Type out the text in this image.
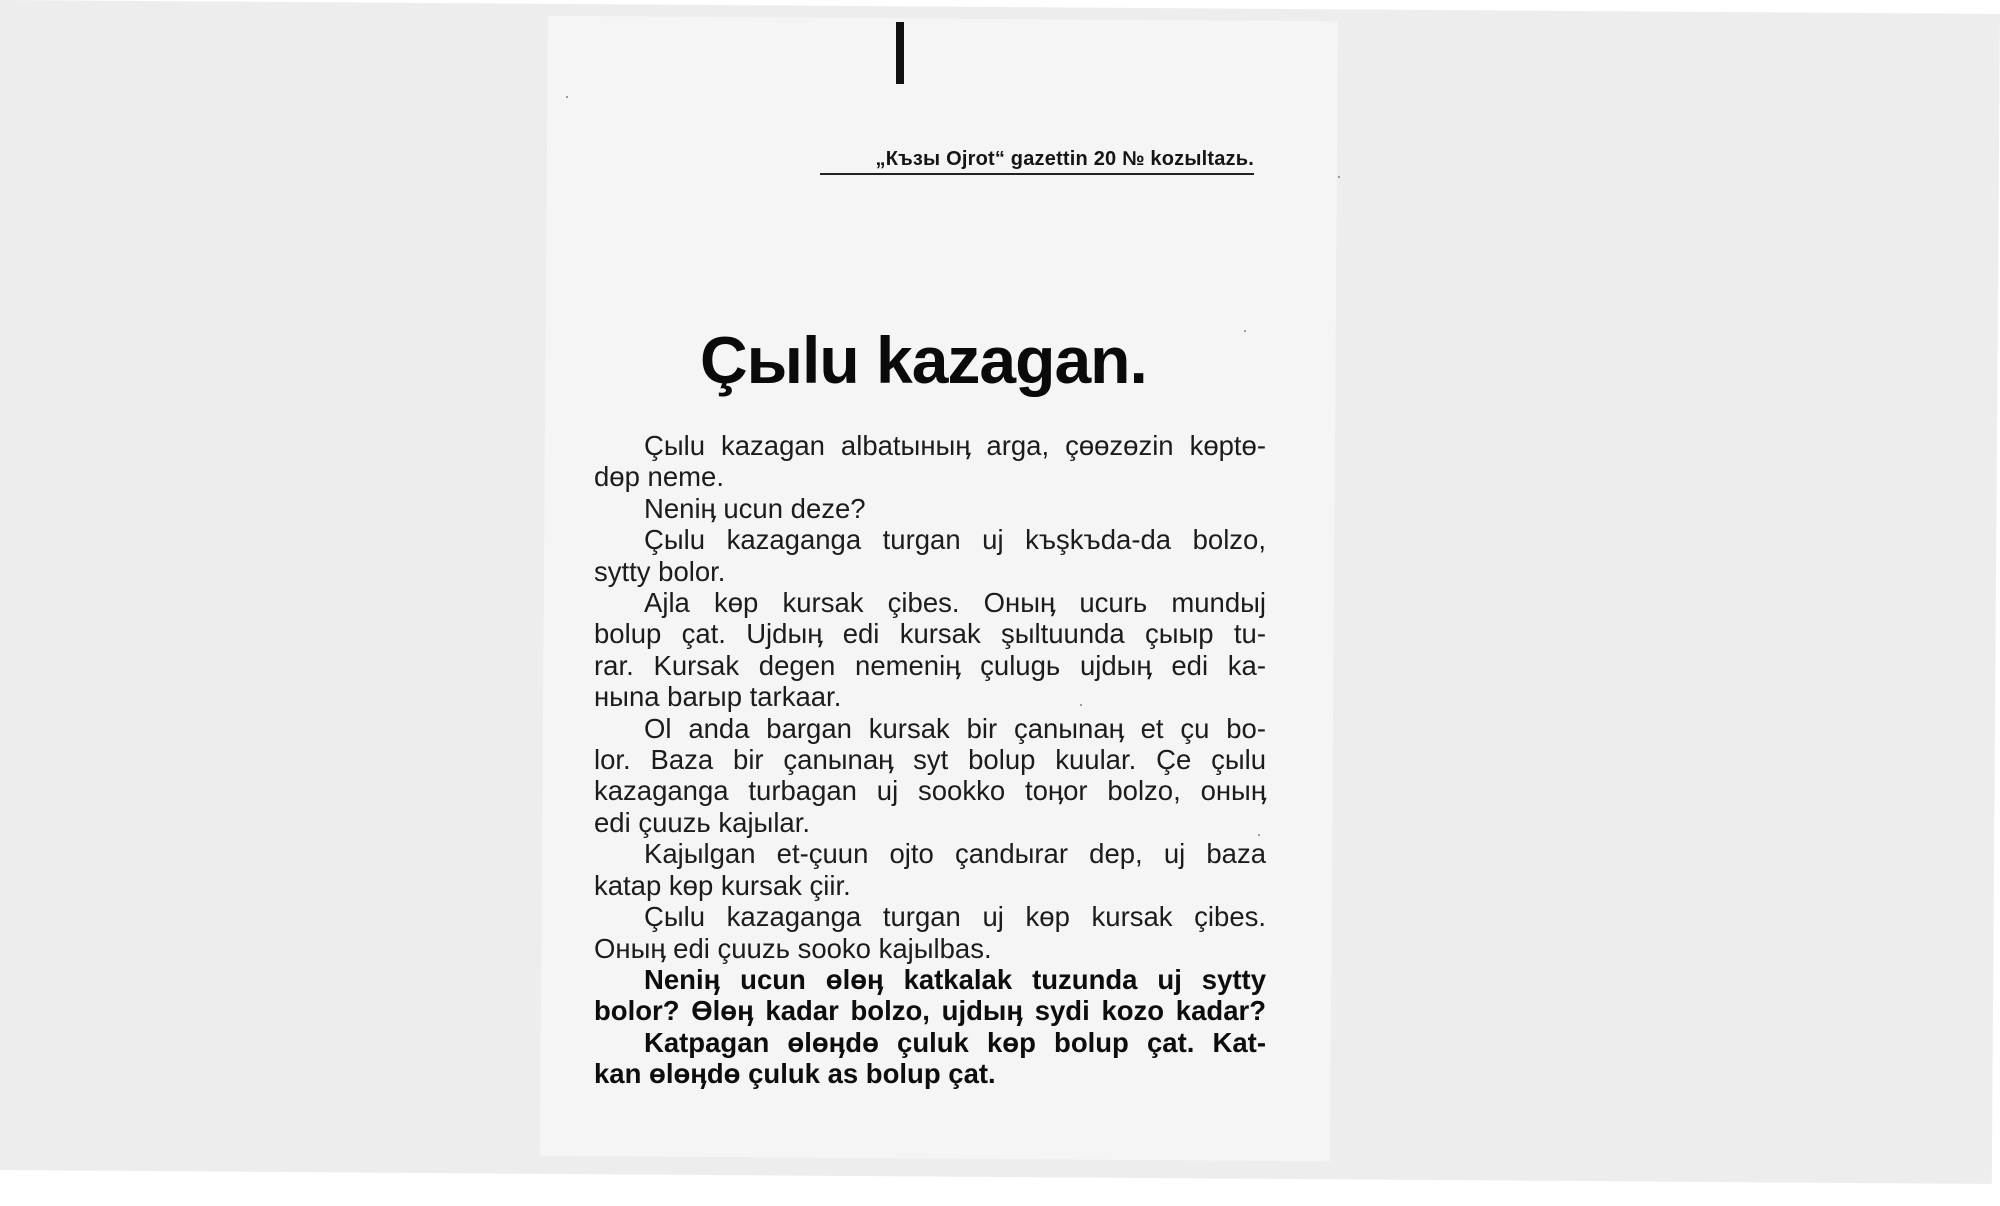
„Къзы Ojrot“ gazettin 20 № kozыltazь.
Çыlu kazagan.
Çыlu kazagan albatыныӊ arga, çөөzөzin kөptө-
dөp neme.
Neniӊ ucun deze?
Çыlu kazaganga turgan uj kъşkъda-da bolzo,
sytty bolor.
Ajla kөp kursak çibes. Oныӊ ucurь mundыj
bolup çat. Ujdыӊ edi kursak şыltuunda çыыр tu-
rar. Kursak degen nemeniӊ çulugь ujdыӊ edi ka-
ныna barыp tarkaar.
Ol anda bargan kursak bir çanыnaӊ et çu bo-
lor. Baza bir çanыnaӊ syt bolup kuular. Çe çыlu
kazaganga turbagan uj sookko toӊor bolzo, oныӊ
edi çuuzь kajыlar.
Kajыlgan et-çuun ojto çandыrar dep, uj baza
katap kөp kursak çiir.
Çыlu kazaganga turgan uj kөp kursak çibes.
Oныӊ edi çuuzь sooko kajыlbas.
Neniӊ ucun өlөӊ katkalak tuzunda uj sytty
bolor? Өlөӊ kadar bolzo, ujdыӊ sydi kozo kadar?
Katpagan өlөӊdө çuluk kөp bolup çat. Kat-
kan өlөӊdө çuluk as bolup çat.
